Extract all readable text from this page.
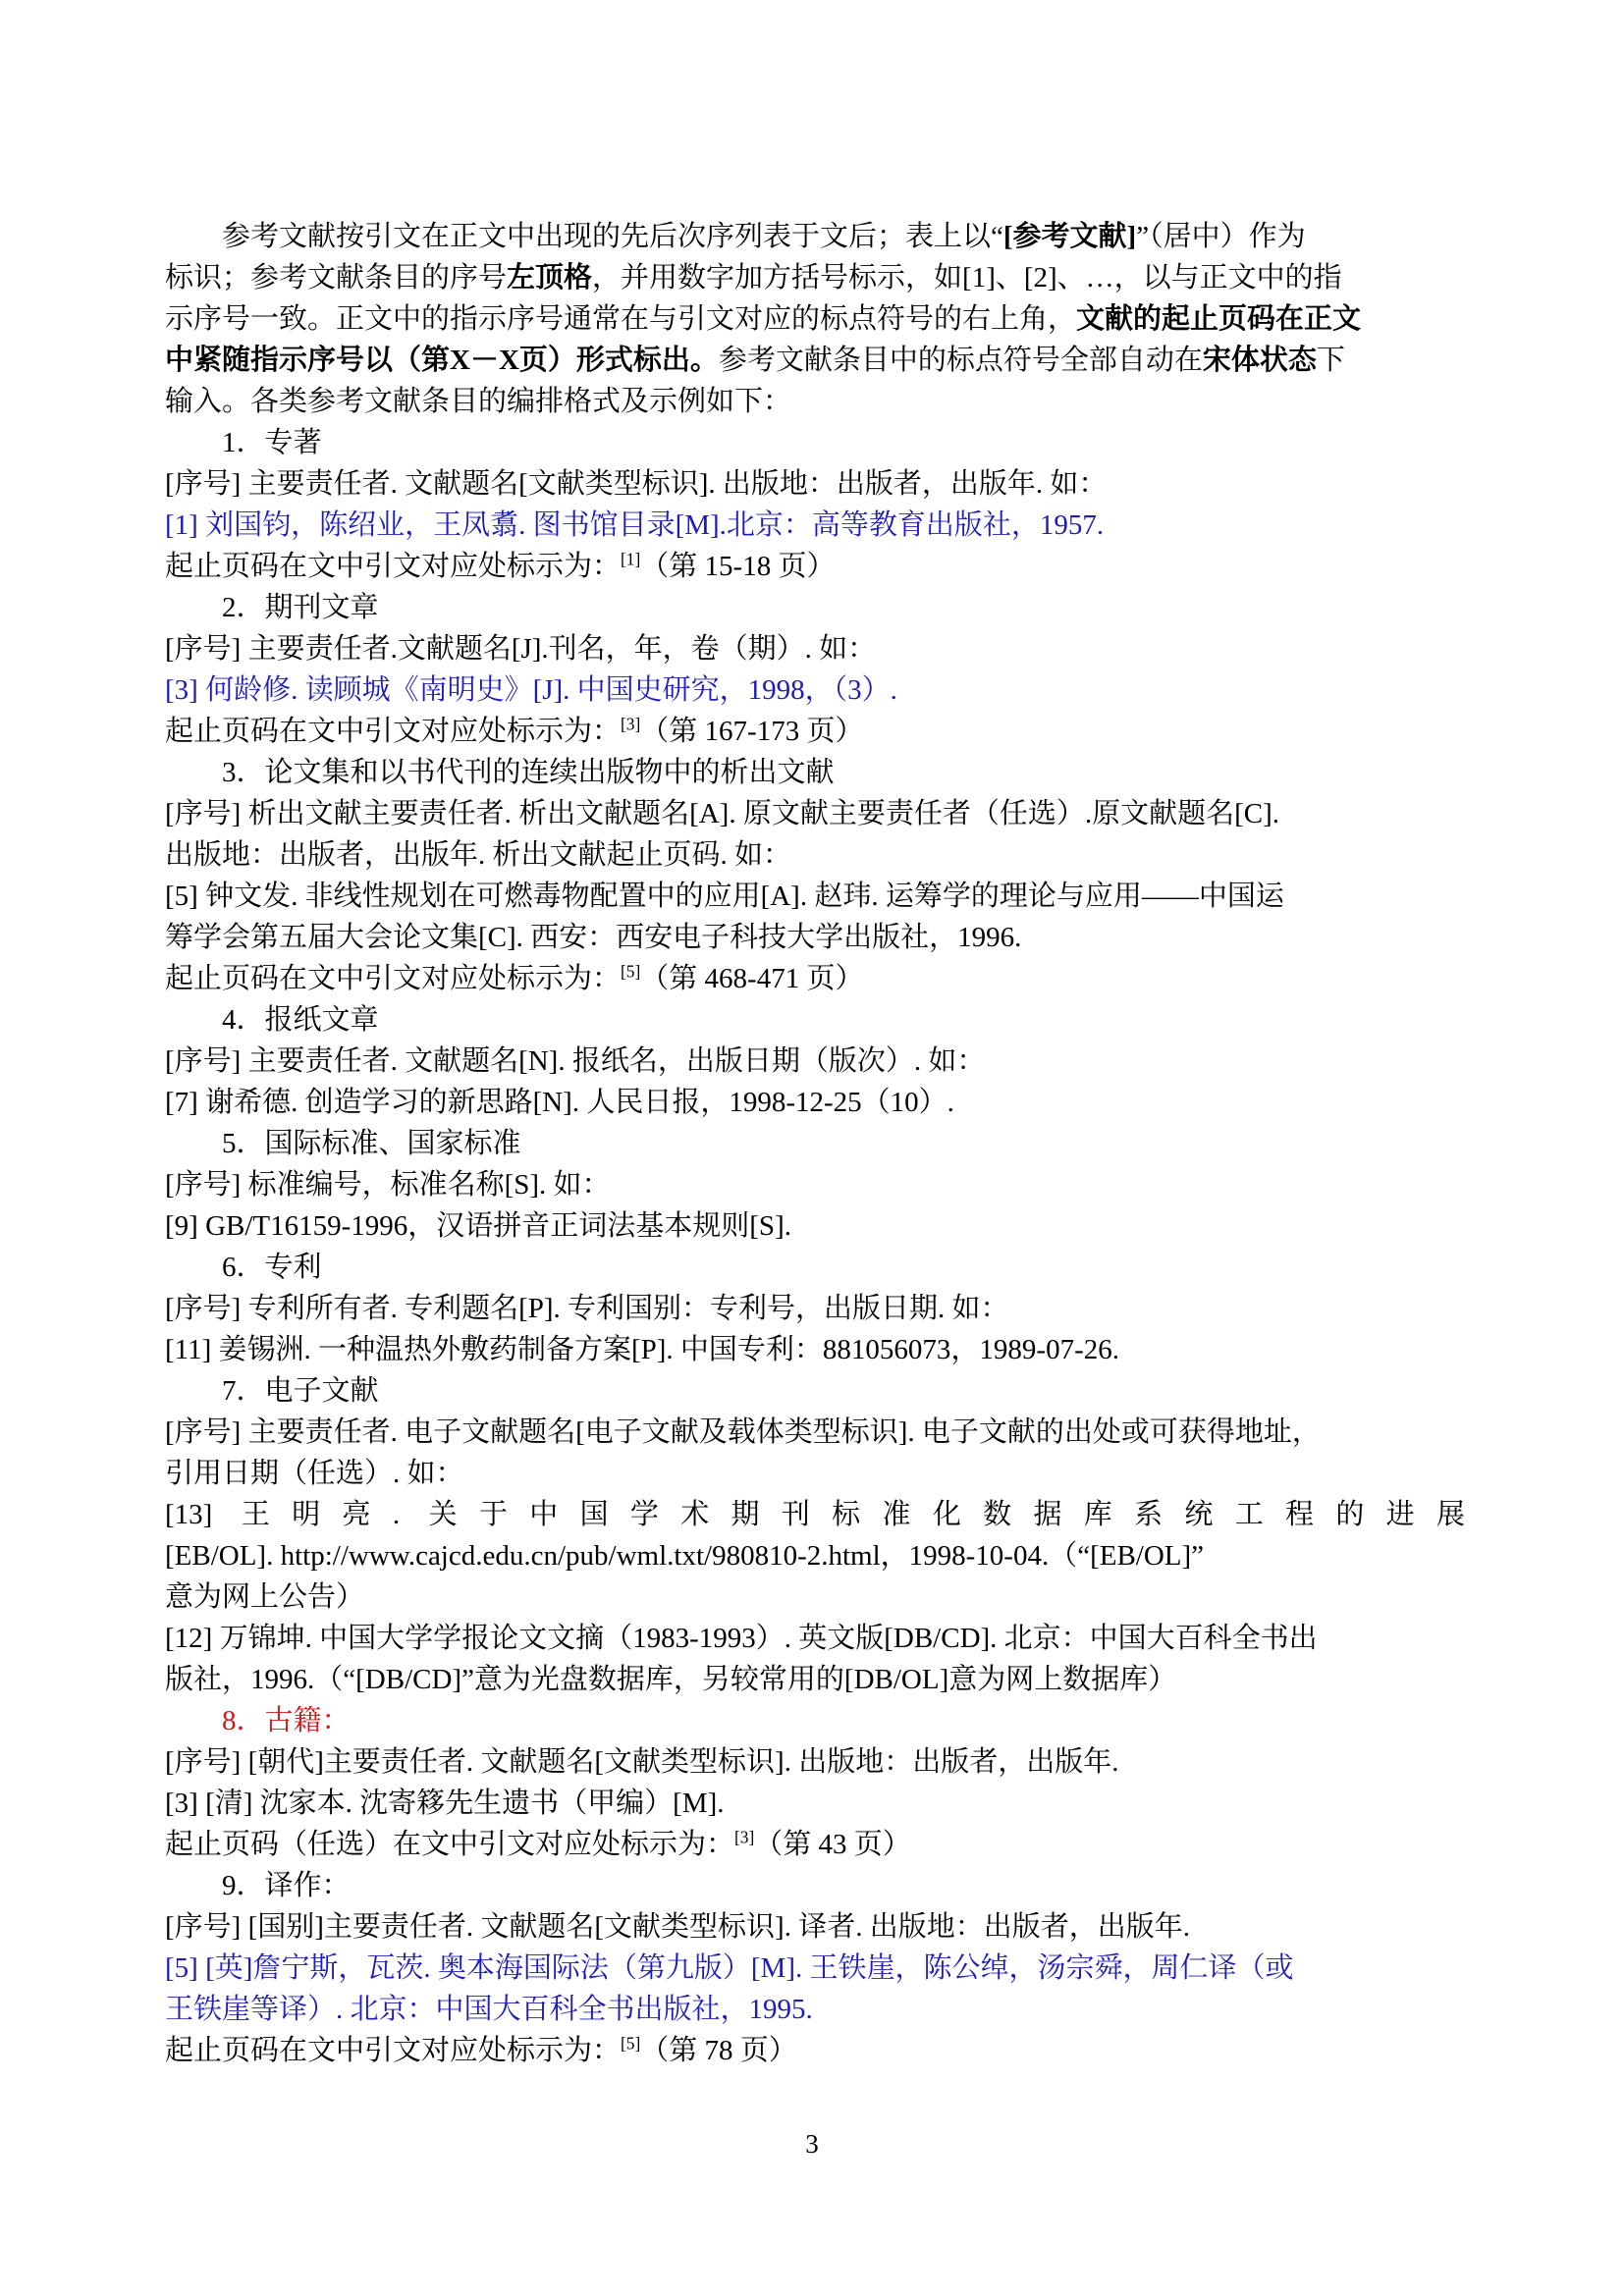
参考文献按引文在正文中出现的先后次序列表于文后；表上以“[参考文献]”（居中）作为
标识；参考文献条目的序号左顶格，并用数字加方括号标示，如[1]、[2]、…，以与正文中的指
示序号一致。正文中的指示序号通常在与引文对应的标点符号的右上角，文献的起止页码在正文
中紧随指示序号以（第X－X页）形式标出。参考文献条目中的标点符号全部自动在宋体状态下
输入。各类参考文献条目的编排格式及示例如下：
1．专著
[序号] 主要责任者. 文献题名[文献类型标识]. 出版地：出版者，出版年. 如：
[1] 刘国钧，陈绍业，王凤翥. 图书馆目录[M].北京：高等教育出版社，1957.
起止页码在文中引文对应处标示为：[1]（第 15-18 页）
2．期刊文章
[序号] 主要责任者.文献题名[J].刊名，年，卷（期）. 如：
[3] 何龄修. 读顾城《南明史》[J]. 中国史研究，1998，（3）.
起止页码在文中引文对应处标示为：[3]（第 167-173 页）
3．论文集和以书代刊的连续出版物中的析出文献
[序号] 析出文献主要责任者. 析出文献题名[A]. 原文献主要责任者（任选）.原文献题名[C].
出版地：出版者，出版年. 析出文献起止页码. 如：
[5] 钟文发. 非线性规划在可燃毒物配置中的应用[A]. 赵玮. 运筹学的理论与应用——中国运
筹学会第五届大会论文集[C]. 西安：西安电子科技大学出版社，1996.
起止页码在文中引文对应处标示为：[5]（第 468-471 页）
4．报纸文章
[序号] 主要责任者. 文献题名[N]. 报纸名，出版日期（版次）. 如：
[7] 谢希德. 创造学习的新思路[N]. 人民日报，1998-12-25（10）.
5．国际标准、国家标准
[序号] 标准编号，标准名称[S]. 如：
[9] GB/T16159-1996，汉语拼音正词法基本规则[S].
6．专利
[序号] 专利所有者. 专利题名[P]. 专利国别：专利号，出版日期. 如：
[11] 姜锡洲. 一种温热外敷药制备方案[P]. 中国专利：881056073，1989-07-26.
7．电子文献
[序号] 主要责任者. 电子文献题名[电子文献及载体类型标识]. 电子文献的出处或可获得地址，
引用日期（任选）. 如：
[13] 王明亮. 关于中国学术期刊标准化数据库系统工程的进展
[EB/OL]. http://www.cajcd.edu.cn/pub/wml.txt/980810-2.html，1998-10-04.（“[EB/OL]”
意为网上公告）
[12] 万锦坤. 中国大学学报论文文摘（1983-1993）. 英文版[DB/CD]. 北京：中国大百科全书出
版社，1996.（“[DB/CD]”意为光盘数据库，另较常用的[DB/OL]意为网上数据库）
8．古籍：
[序号] [朝代]主要责任者. 文献题名[文献类型标识]. 出版地：出版者，出版年.
[3] [清] 沈家本. 沈寄簃先生遗书（甲编）[M].
起止页码（任选）在文中引文对应处标示为：[3]（第 43 页）
9．译作：
[序号] [国别]主要责任者. 文献题名[文献类型标识]. 译者. 出版地：出版者，出版年.
[5] [英]詹宁斯，瓦茨. 奥本海国际法（第九版）[M]. 王铁崖，陈公绰，汤宗舜，周仁译（或
王铁崖等译）. 北京：中国大百科全书出版社，1995.
起止页码在文中引文对应处标示为：[5]（第 78 页）
3
